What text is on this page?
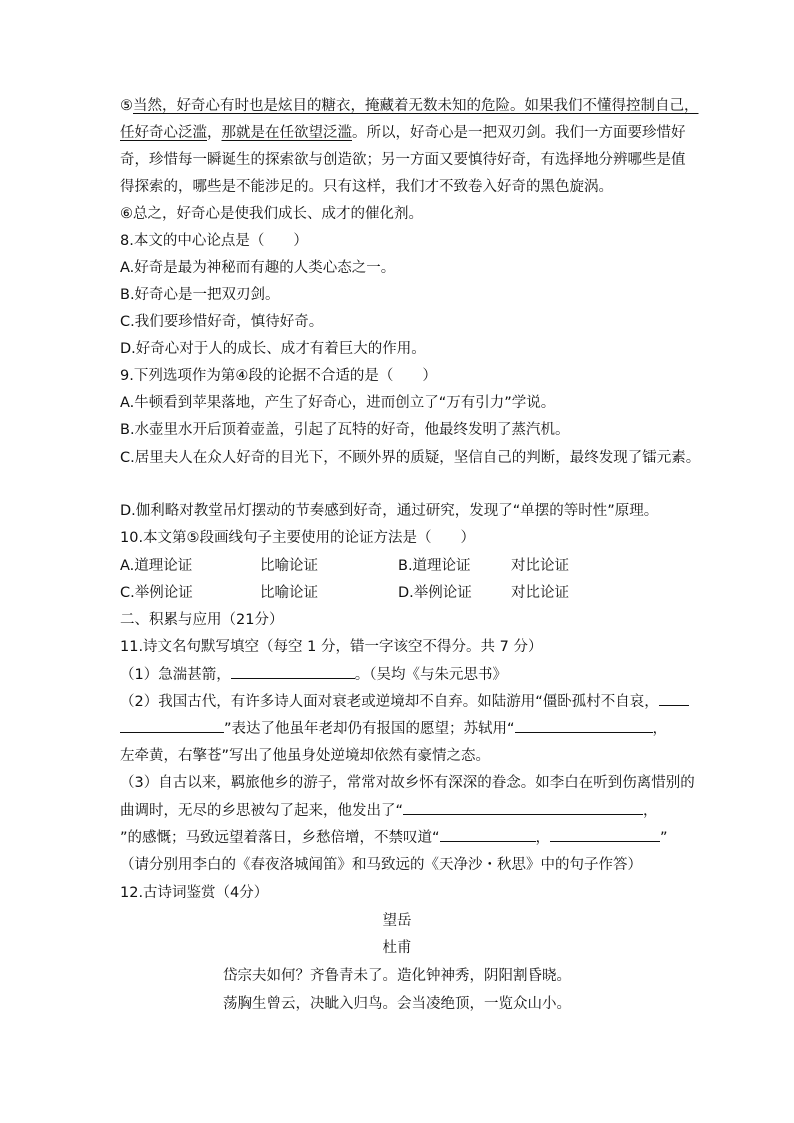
⑤当然，好奇心有时也是炫目的糖衣，掩藏着无数未知的危险。如果我们不懂得控制自己，
任好奇心泛滥，那就是在任欲望泛滥。所以，好奇心是一把双刃剑。我们一方面要珍惜好
奇，珍惜每一瞬诞生的探索欲与创造欲；另一方面又要慎待好奇，有选择地分辨哪些是值
得探索的，哪些是不能涉足的。只有这样，我们才不致卷入好奇的黑色旋涡。
⑥总之，好奇心是使我们成长、成才的催化剂。
8.本文的中心论点是（　　）
A.好奇是最为神秘而有趣的人类心态之一。
B.好奇心是一把双刃剑。
C.我们要珍惜好奇，慎待好奇。
D.好奇心对于人的成长、成才有着巨大的作用。
9.下列选项作为第④段的论据不合适的是（　　）
A.牛顿看到苹果落地，产生了好奇心，进而创立了“万有引力”学说。
B.水壶里水开后顶着壶盖，引起了瓦特的好奇，他最终发明了蒸汽机。
C.居里夫人在众人好奇的目光下，不顾外界的质疑，坚信自己的判断，最终发现了镭元素。
D.伽利略对教堂吊灯摆动的节奏感到好奇，通过研究，发现了“单摆的等时性”原理。
10.本文第⑤段画线句子主要使用的论证方法是（　　）
A.道理论证	比喻论证	B.道理论证	对比论证
C.举例论证	比喻论证	D.举例论证	对比论证
二、积累与应用（21分）
11.诗文名句默写填空（每空 1 分，错一字该空不得分。共 7 分）
（1）急湍甚箭，	。（吴均《与朱元思书》
（2）我国古代，有许多诗人面对衰老或逆境却不自弃。如陆游用“僵卧孤村不自哀，
”表达了他虽年老却仍有报国的愿望；苏轼用“	，
左牵黄，右擎苍”写出了他虽身处逆境却依然有豪情之态。
（3）自古以来，羁旅他乡的游子，常常对故乡怀有深深的眷念。如李白在听到伤离惜别的
曲调时，无尽的乡思被勾了起来，他发出了“	，
”的感慨；马致远望着落日，乡愁倍增，不禁叹道“	，	”
（请分别用李白的《春夜洛城闻笛》和马致远的《天净沙・秋思》中的句子作答）
12.古诗词鉴赏（4分）
望岳
杜甫
岱宗夫如何？齐鲁青未了。造化钟神秀，阴阳割昏晓。
荡胸生曾云，决眦入归鸟。会当凌绝顶，一览众山小。
